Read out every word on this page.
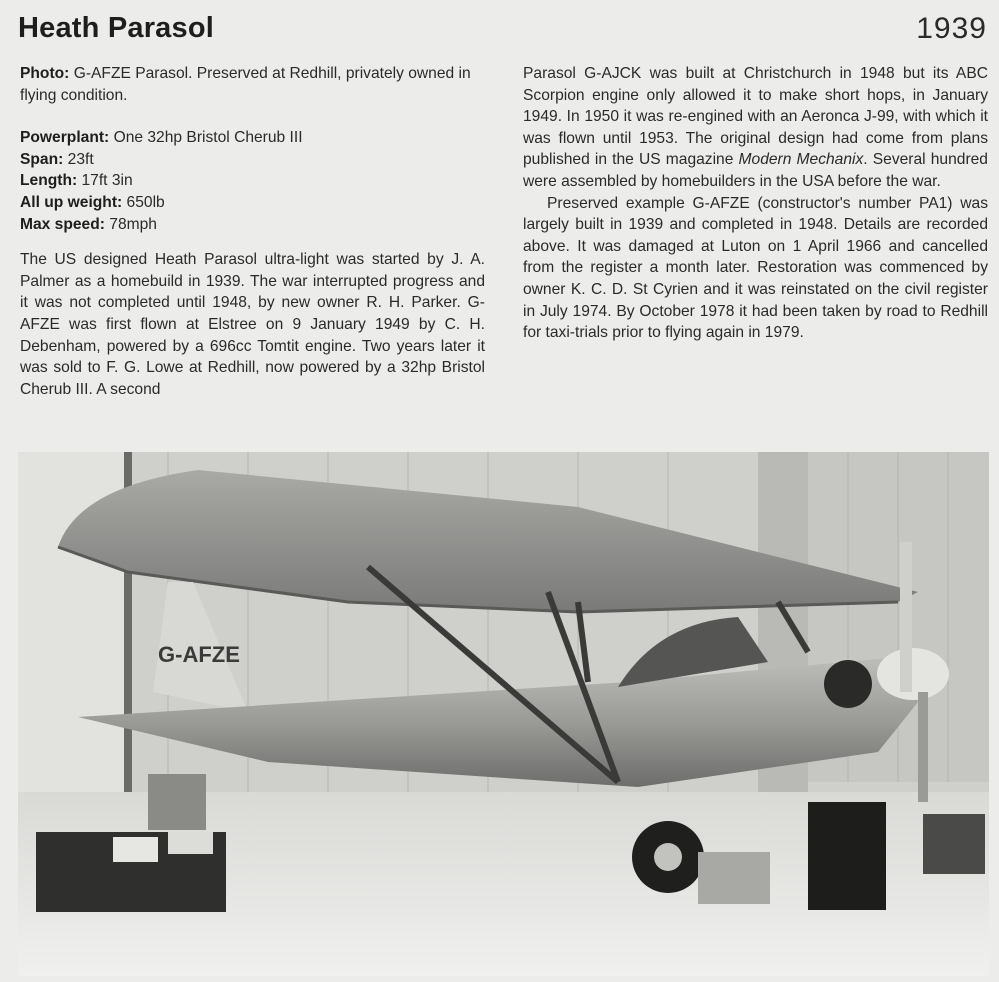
Heath Parasol	1939

Photo: G-AFZE Parasol. Preserved at Redhill, privately owned in flying condition.

Powerplant: One 32hp Bristol Cherub III

Span: 23ft

Length: 17ft 3in

All up weight: 650lb

Max speed: 78mph

The US designed Heath Parasol ultra-light was started by J. A. Palmer as a homebuild in 1939. The war interrupted progress and it was not completed until 1948, by new owner R. H. Parker. G-AFZE was first flown at Elstree on 9 January 1949 by C. H. Debenham, powered by a 696cc Tomtit engine. Two years later it was sold to F. G. Lowe at Redhill, now powered by a 32hp Bristol Cherub III. A second

Parasol G-AJCK was built at Christchurch in 1948 but its ABC Scorpion engine only allowed it to make short hops, in January 1949. In 1950 it was re-engined with an Aeronca J-99, with which it was flown until 1953. The original design had come from plans published in the US magazine Modern Mechanix. Several hundred were assembled by homebuilders in the USA before the war.

Preserved example G-AFZE (constructor's number PA1) was largely built in 1939 and completed in 1948. Details are recorded above. It was damaged at Luton on 1 April 1966 and cancelled from the register a month later. Restoration was commenced by owner K. C. D. St Cyrien and it was reinstated on the civil register in July 1974. By October 1978 it had been taken by road to Redhill for taxi-trials prior to flying again in 1979.

G-AFZE
